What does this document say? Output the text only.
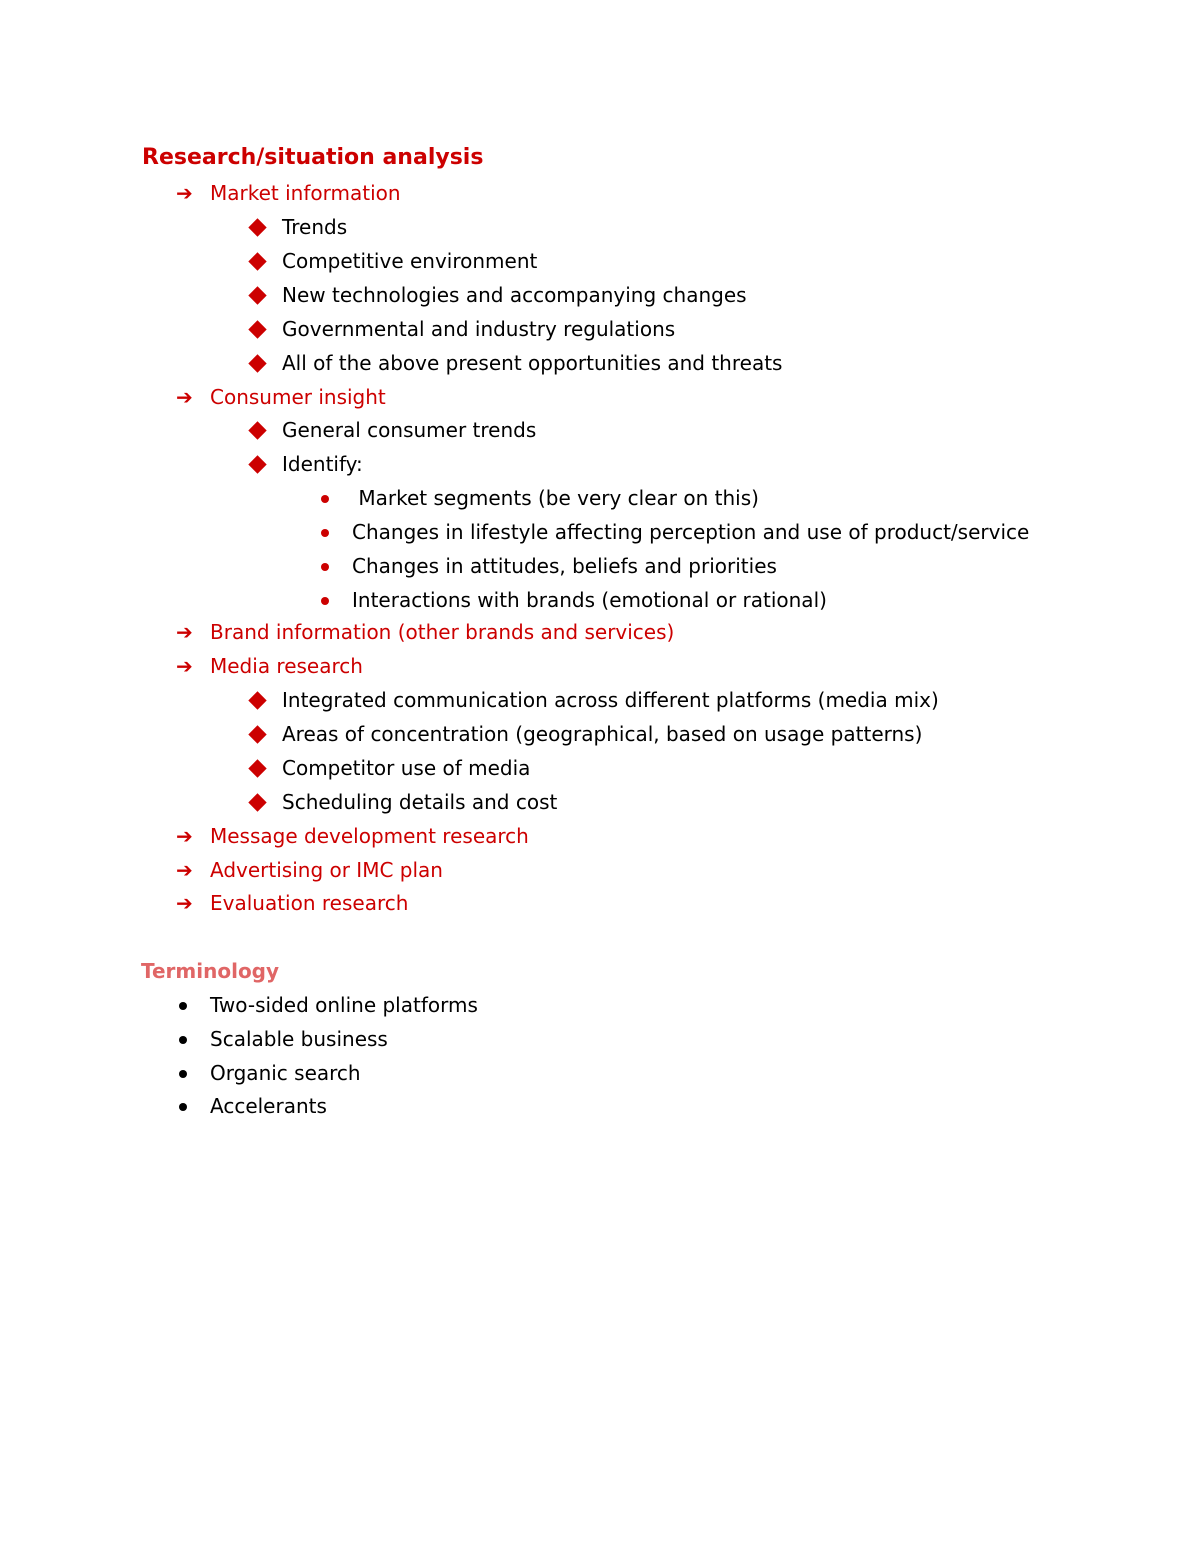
Research/situation analysis
➔ Market information
Trends
Competitive environment
New technologies and accompanying changes
Governmental and industry regulations
All of the above present opportunities and threats
➔ Consumer insight
General consumer trends
Identify:
Market segments (be very clear on this)
Changes in lifestyle affecting perception and use of product/service
Changes in attitudes, beliefs and priorities
Interactions with brands (emotional or rational)
➔ Brand information (other brands and services)
➔ Media research
Integrated communication across different platforms (media mix)
Areas of concentration (geographical, based on usage patterns)
Competitor use of media
Scheduling details and cost
➔ Message development research
➔ Advertising or IMC plan
➔ Evaluation research
Terminology
Two-sided online platforms
Scalable business
Organic search
Accelerants
